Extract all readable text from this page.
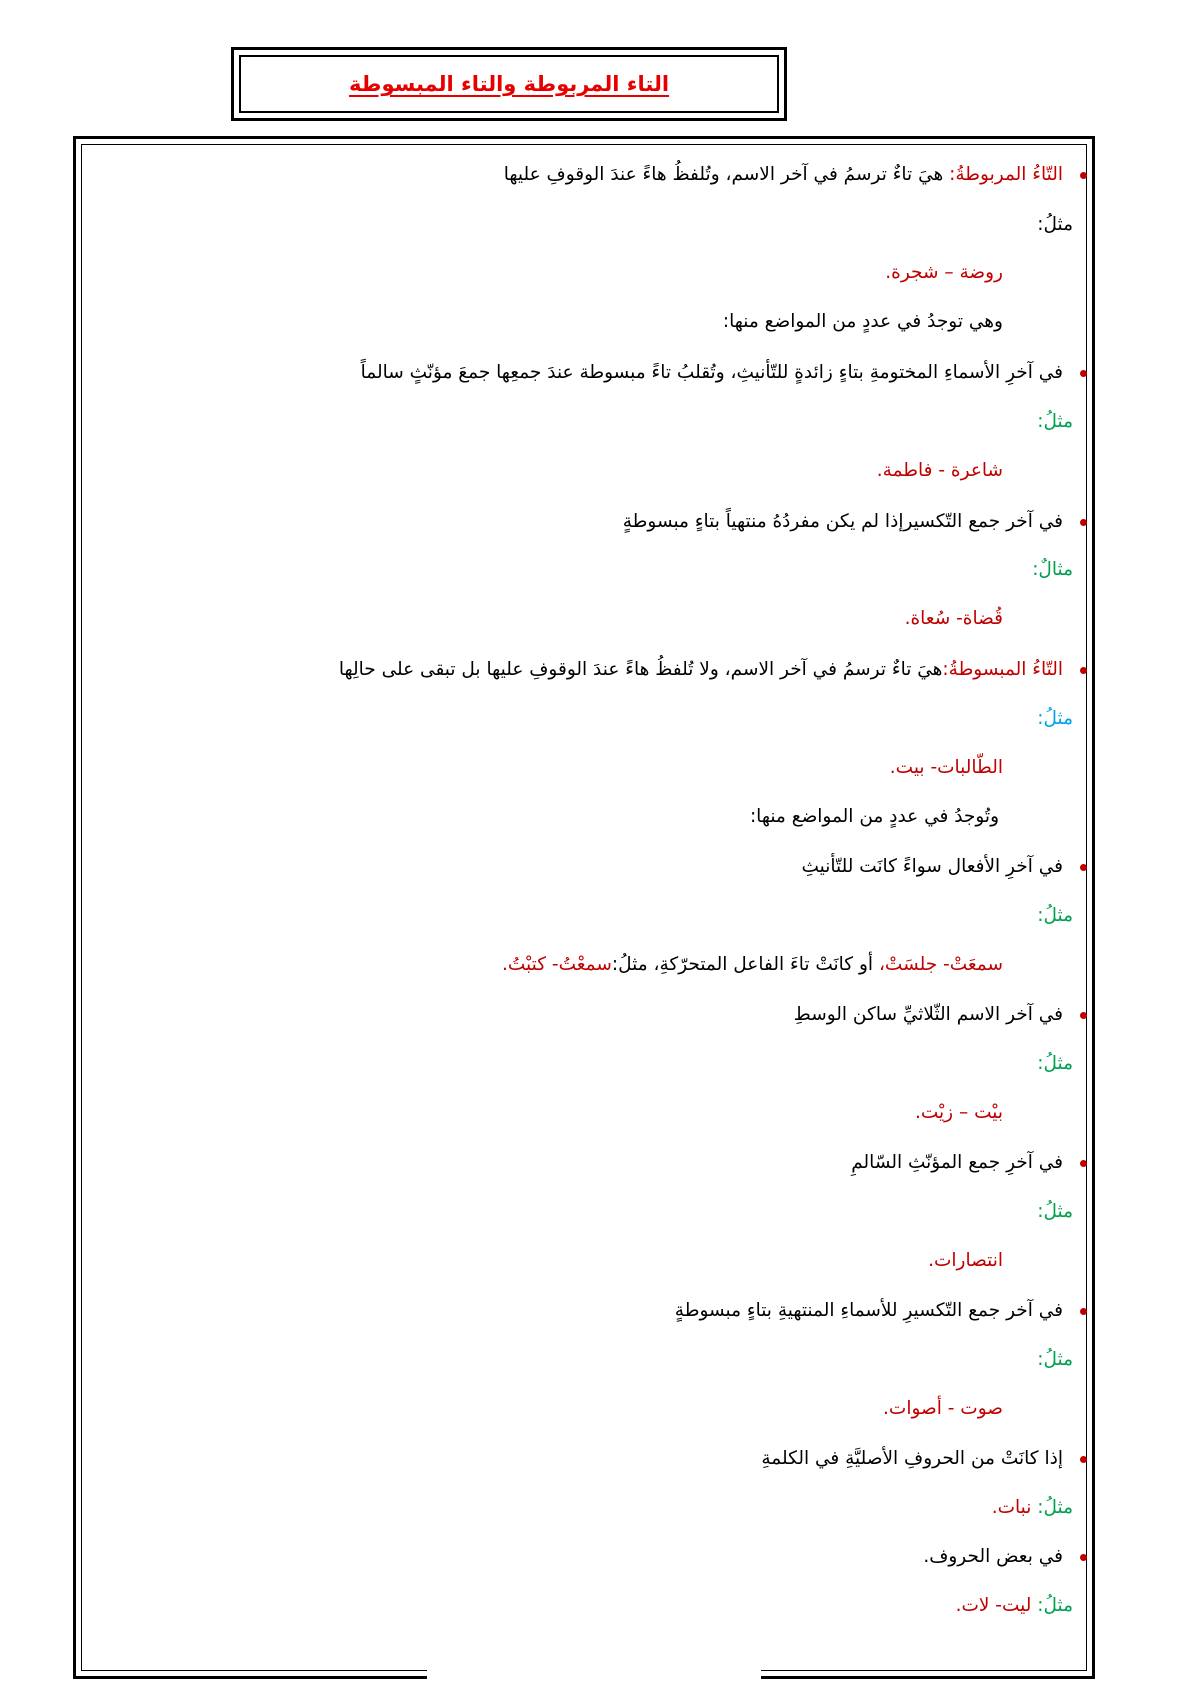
التاء المربوطة والتاء المبسوطة
التّاءُ المربوطةُ: هيَ تاءٌ ترسمُ في آخر الاسم، وتُلفظُ هاءً عندَ الوقوفِ عليها
مثلُ:
روضة – شجرة.
وهي توجدُ في عددٍ من المواضع منها:
في آخرِ الأسماءِ المختومةِ بتاءٍ زائدةٍ للتّأنيثِ، وتُقلبُ تاءً مبسوطة عندَ جمعِها جمعَ مؤنّثٍ سالماً
مثلُ:
شاعرة - فاطمة.
في آخر جمع التّكسيرإذا لم يكن مفردُهُ منتهياً بتاءٍ مبسوطةٍ
مثالٌ:
قُضاة- سُعاة.
التّاءُ المبسوطةُ:هيَ تاءٌ ترسمُ في آخر الاسم، ولا تُلفظُ هاءً عندَ الوقوفِ عليها بل تبقى على حالِها
مثلُ:
الطّالبات- بيت.
وتُوجدُ في عددٍ من المواضع منها:
في آخرِ الأفعال سواءً كانَت للتّأنيثِ
مثلُ:
سمعَتْ- جلسَتْ، أو كانَتْ تاءَ الفاعل المتحرّكةِ، مثلُ:سمعْتُ- كتبْتُ.
في آخر الاسم الثّلاثيِّ ساكن الوسطِ
مثلُ:
بيْت – زيْت.
في آخرِ جمع المؤنّثِ السّالمِ
مثلُ:
انتصارات.
في آخر جمع التّكسيرِ للأسماءِ المنتهيةِ بتاءٍ مبسوطةٍ
مثلُ:
صوت - أصوات.
إذا كانَتْ من الحروفِ الأصليَّةِ في الكلمةِ
مثلُ: نبات.
في بعض الحروف.
مثلُ: ليت- لات.
